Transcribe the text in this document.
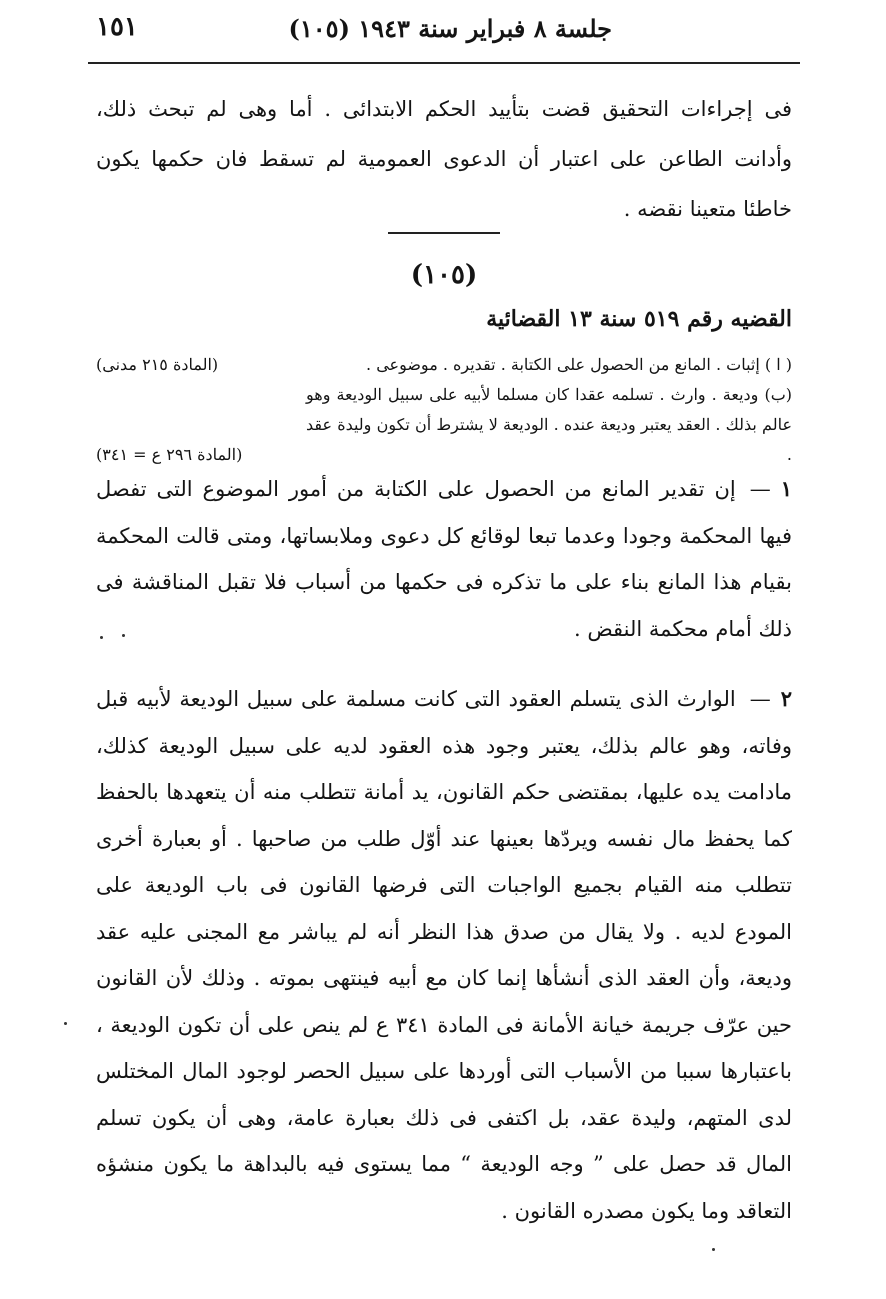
جلسة ٨ فبراير سنة ١٩٤٣ (١٠٥)
١٥١

فى إجراءات التحقيق قضت بتأييد الحكم الابتدائى . أما وهى لم تبحث ذلك، وأدانت الطاعن على اعتبار أن الدعوى العمومية لم تسقط فان حكمها يكون خاطئا متعينا نقضه .

(١٠٥)
القضيه رقم ٥١٩ سنة ١٣ القضائية

( ا ) إثبات . المانع من الحصول على الكتابة . تقديره . موضوعى .
(المادة ٢١٥ مدنى)

(ب) وديعة . وارث . تسلمه عقدا كان مسلما لأبيه على سبيل الوديعة وهو عالم بذلك . العقد يعتبر وديعة عنده . الوديعة لا يشترط أن تكون وليدة عقد .
(المادة ٢٩٦ ع = ٣٤١)

١—إن تقدير المانع من الحصول على الكتابة من أمور الموضوع التى تفصل فيها المحكمة وجودا وعدما تبعا لوقائع كل دعوى وملابساتها، ومتى قالت المحكمة بقيام هذا المانع بناء على ما تذكره فى حكمها من أسباب فلا تقبل المناقشة فى ذلك أمام محكمة النقض .

٢—الوارث الذى يتسلم العقود التى كانت مسلمة على سبيل الوديعة لأبيه قبل وفاته، وهو عالم بذلك، يعتبر وجود هذه العقود لديه على سبيل الوديعة كذلك، مادامت يده عليها، بمقتضى حكم القانون، يد أمانة تتطلب منه أن يتعهدها بالحفظ كما يحفظ مال نفسه ويردّها بعينها عند أوّل طلب من صاحبها . أو بعبارة أخرى تتطلب منه القيام بجميع الواجبات التى فرضها القانون فى باب الوديعة على المودع لديه . ولا يقال من صدق هذا النظر أنه لم يباشر مع المجنى عليه عقد وديعة، وأن العقد الذى أنشأها إنما كان مع أبيه فينتهى بموته . وذلك لأن القانون حين عرّف جريمة خيانة الأمانة فى المادة ٣٤١ ع لم ينص على أن تكون الوديعة ، باعتبارها سببا من الأسباب التى أوردها على سبيل الحصر لوجود المال المختلس لدى المتهم، وليدة عقد، بل اكتفى فى ذلك بعبارة عامة، وهى أن يكون تسلم المال قد حصل على ” وجه الوديعة “ مما يستوى فيه بالبداهة ما يكون منشؤه التعاقد وما يكون مصدره القانون .
